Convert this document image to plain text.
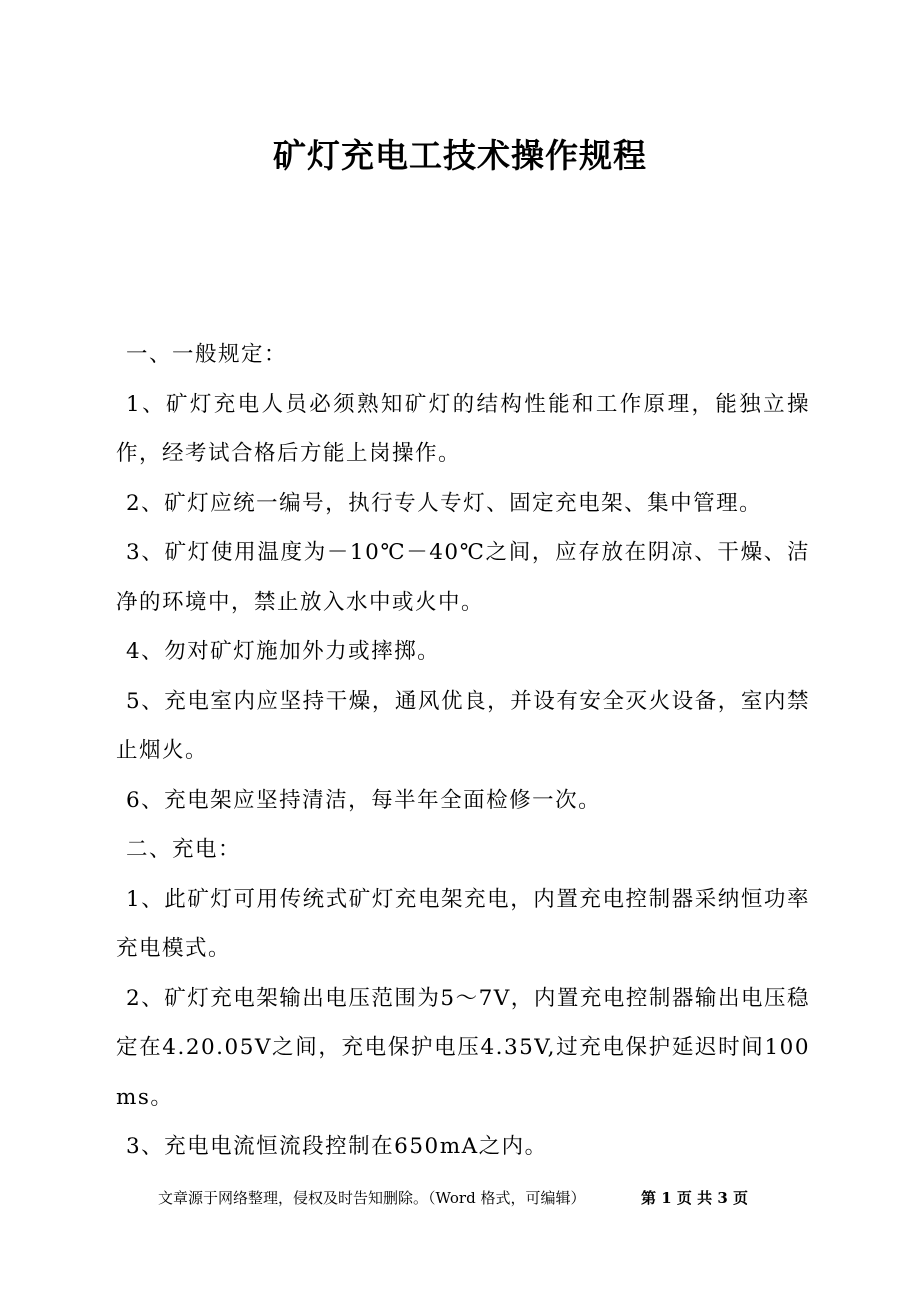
矿灯充电工技术操作规程

一、一般规定：

1、矿灯充电人员必须熟知矿灯的结构性能和工作原理，能独立操作，经考试合格后方能上岗操作。

2、矿灯应统一编号，执行专人专灯、固定充电架、集中管理。

3、矿灯使用温度为－10℃－40℃之间，应存放在阴凉、干燥、洁净的环境中，禁止放入水中或火中。

4、勿对矿灯施加外力或摔掷。

5、充电室内应坚持干燥，通风优良，并设有安全灭火设备，室内禁止烟火。

6、充电架应坚持清洁，每半年全面检修一次。

二、充电：

1、此矿灯可用传统式矿灯充电架充电，内置充电控制器采纳恒功率充电模式。

2、矿灯充电架输出电压范围为5～7V，内置充电控制器输出电压稳定在4.20.05V之间，充电保护电压4.35V,过充电保护延迟时间100ms。

3、充电电流恒流段控制在650mA之内。

文章源于网络整理，侵权及时告知删除。（Word 格式，可编辑）	第 1 页 共 3 页
